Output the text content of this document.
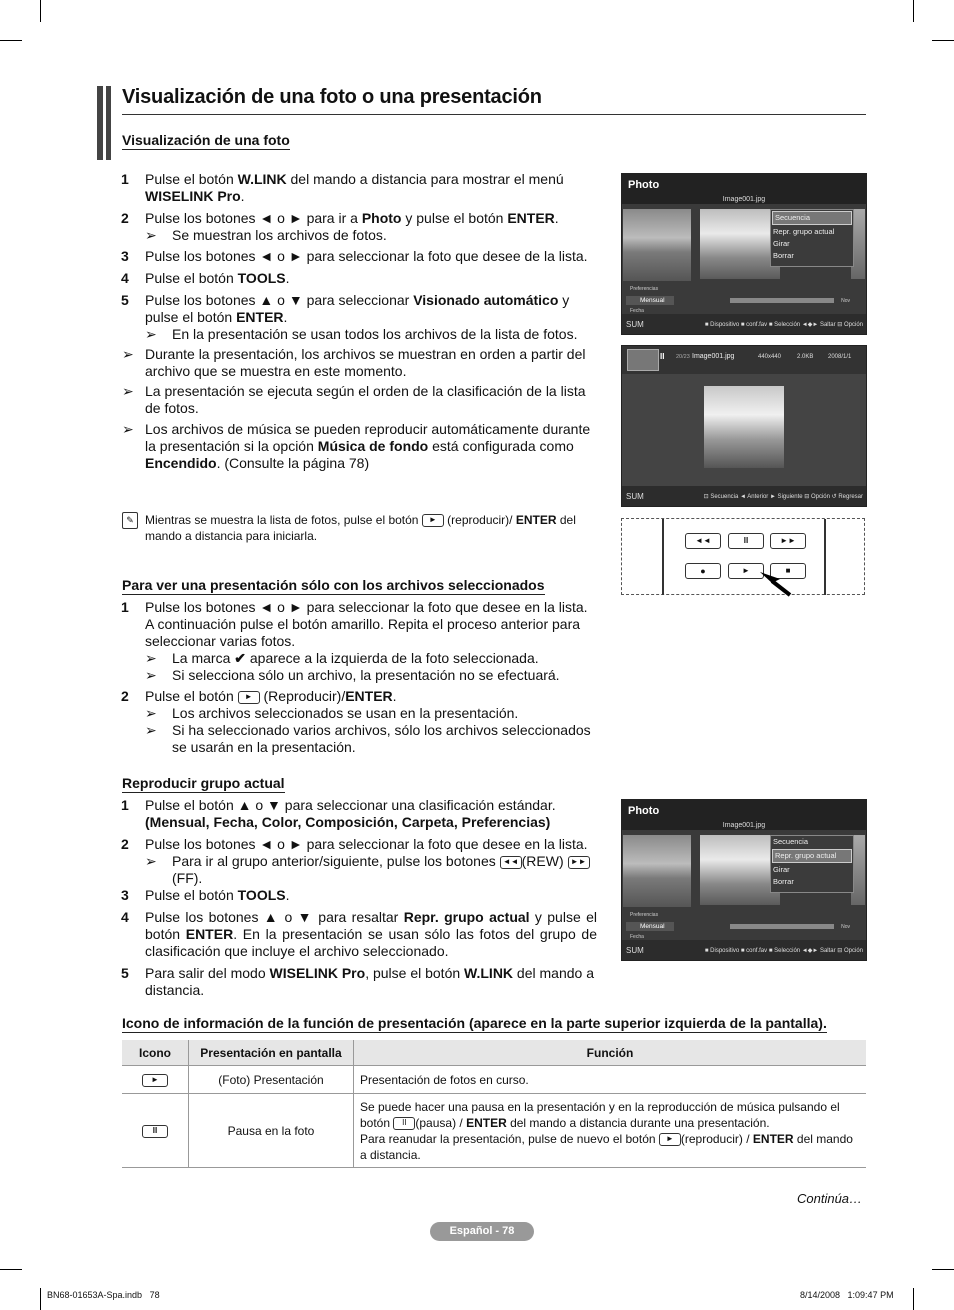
Visualización de una foto o una presentación
Visualización de una foto
1 Pulse el botón W.LINK del mando a distancia para mostrar el menú WISELINK Pro.
2 Pulse los botones ◄ o ► para ir a Photo y pulse el botón ENTER.
➢ Se muestran los archivos de fotos.
3 Pulse los botones ◄ o ► para seleccionar la foto que desee de la lista.
4 Pulse el botón TOOLS.
5 Pulse los botones ▲ o ▼ para seleccionar Visionado automático y pulse el botón ENTER.
➢ En la presentación se usan todos los archivos de la lista de fotos.
➢ Durante la presentación, los archivos se muestran en orden a partir del archivo que se muestra en este momento.
➢ La presentación se ejecuta según el orden de la clasificación de la lista de fotos.
➢ Los archivos de música se pueden reproducir automáticamente durante la presentación si la opción Música de fondo está configurada como Encendido. (Consulte la página 78)
✎ Mientras se muestra la lista de fotos, pulse el botón ► (reproducir)/ ENTER del mando a distancia para iniciarla.
Photo
Image001.jpg
Secuencia
Repr. grupo actual
Girar
Borrar
Preferencias
Mensual
Fecha
Nov
SUM	■ Dispositivo ■ conf.fav ■ Selección ◄◆► Saltar ⊟ Opción
II 20/23 Image001.jpg	440x440	2.0KB 2008/1/1
SUM	⊡ Secuencia ◄ Anterior ► Siguiente ⊟ Opción ↺ Regresar
◄◄	II	►►
●	►	■
Para ver una presentación sólo con los archivos seleccionados
1 Pulse los botones ◄ o ► para seleccionar la foto que desee en la lista.
A continuación pulse el botón amarillo. Repita el proceso anterior para
seleccionar varias fotos.
➢ La marca ✔ aparece a la izquierda de la foto seleccionada.
➢ Si selecciona sólo un archivo, la presentación no se efectuará.
2 Pulse el botón ► (Reproducir)/ENTER.
➢ Los archivos seleccionados se usan en la presentación.
➢	Si ha seleccionado varios archivos, sólo los archivos seleccionados
se usarán en la presentación.
Reproducir grupo actual
1 Pulse el botón ▲ o ▼ para seleccionar una clasificación estándar.
(Mensual, Fecha, Color, Composición, Carpeta, Preferencias)
2 Pulse los botones ◄ o ► para seleccionar la foto que desee en la lista.
➢	Para ir al grupo anterior/siguiente, pulse los botones ◄◄ (REW) ►►
(FF).
3 Pulse el botón TOOLS.
4 Pulse los botones ▲ o ▼ para resaltar Repr. grupo actual y pulse el botón ENTER. En la presentación se usan sólo las fotos del grupo de clasificación que incluye el archivo seleccionado.
5 Para salir del modo WISELINK Pro, pulse el botón W.LINK del mando a distancia.
Photo
Image001.jpg
Secuencia
Repr. grupo actual
Girar
Borrar
Preferencias
Mensual
Fecha
Nov
SUM	■ Dispositivo ■ conf.fav ■ Selección ◄◆► Saltar ⊟ Opción
Icono de información de la función de presentación (aparece en la parte superior izquierda de la pantalla).
Icono	Presentación en pantalla	Función
►	(Foto) Presentación	Presentación de fotos en curso.
II	Pausa en la foto	Se puede hacer una pausa en la presentación y en la reproducción de música pulsando el botón II (pausa) / ENTER del mando a distancia durante una presentación.
Para reanudar la presentación, pulse de nuevo el botón ► (reproducir) / ENTER del mando a distancia.
Continúa…
Español - 78
BN68-01653A-Spa.indb   78	8/14/2008   1:09:47 PM
